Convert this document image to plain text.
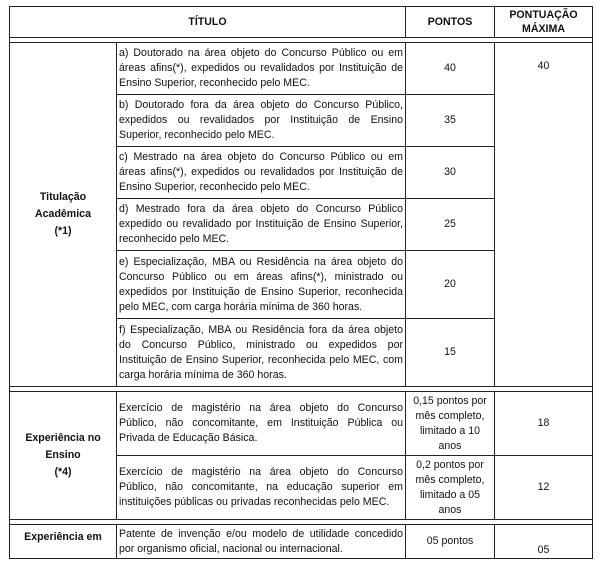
TÍTULO		PONTOS	PONTUAÇÃO
MÁXIMA

Titulação Acadêmica
(*1)	a) Doutorado na área objeto do Concurso Público ou em áreas afins(*), expedidos ou revalidados por Instituição de Ensino Superior, reconhecido pelo MEC.	40	40
	b) Doutorado fora da área objeto do Concurso Público, expedidos ou revalidados por Instituição de Ensino Superior, reconhecido pelo MEC.	35	
	c) Mestrado na área objeto do Concurso Público ou em áreas afins(*), expedidos ou revalidados por Instituição de Ensino Superior, reconhecido pelo MEC.	30	
	d) Mestrado fora da área objeto do Concurso Público expedido ou revalidado por Instituição de Ensino Superior, reconhecido pelo MEC.	25	
	e) Especialização, MBA ou Residência na área objeto do Concurso Público ou em áreas afins(*), ministrado ou expedidos por Instituição de Ensino Superior, reconhecida pelo MEC, com carga horária mínima de 360 horas.	20	
	f) Especialização, MBA ou Residência fora da área objeto do Concurso Público, ministrado ou expedidos por Instituição de Ensino Superior, reconhecida pelo MEC, com carga horária mínima de 360 horas.	15	

Experiência no Ensino
(*4)	Exercício de magistério na área objeto do Concurso Público, não concomitante, em Instituição Pública ou Privada de Educação Básica.	0,15 pontos por
mês completo,
limitado a 10
anos	18
	Exercício de magistério na área objeto do Concurso Público, não concomitante, na educação superior em instituições públicas ou privadas reconhecidas pelo MEC.	0,2 pontos por
mês completo,
limitado a 05
anos	12

Experiência em	Patente de invenção e/ou modelo de utilidade concedido por organismo oficial, nacional ou internacional.	05 pontos	05
